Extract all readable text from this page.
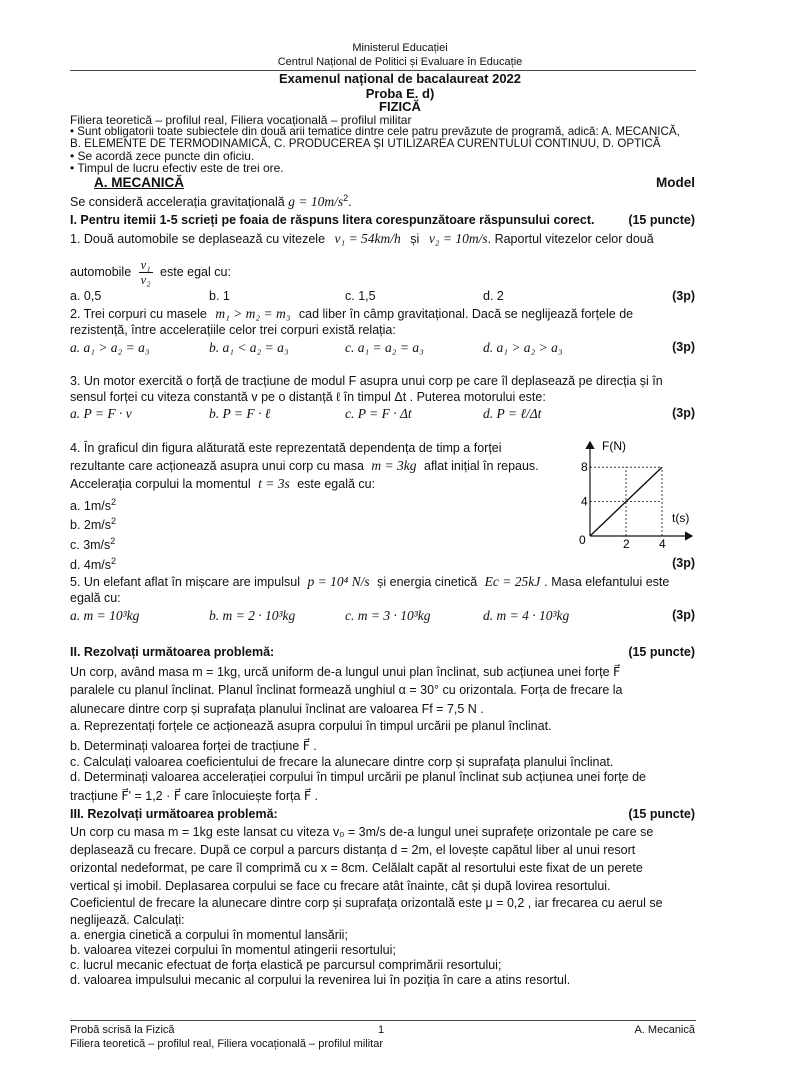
Ministerul Educației
Centrul Național de Politici și Evaluare în Educație
Examenul național de bacalaureat 2022
Proba E. d)
FIZICĂ
Filiera teoretică – profilul real, Filiera vocațională – profilul militar
• Sunt obligatorii toate subiectele din două arii tematice dintre cele patru prevăzute de programă, adică: A. MECANICĂ,
B. ELEMENTE DE TERMODINAMICĂ, C. PRODUCEREA ȘI UTILIZAREA CURENTULUI CONTINUU, D. OPTICĂ
• Se acordă zece puncte din oficiu.
• Timpul de lucru efectiv este de trei ore.
A. MECANICĂ	Model
Se consideră accelerația gravitațională $g = 10m/s^2$.
I. Pentru itemii 1-5 scrieți pe foaia de răspuns litera corespunzătoare răspunsului corect.	(15 puncte)
1. Două automobile se deplasează cu vitezele v₁ = 54km/h și v₂ = 10m/s. Raportul vitezelor celor două
automobile $\frac{\text{v₁}}{\text{v₂}}$ este egal cu:
a. 0,5	b. 1	c. 1,5	d. 2	(3p)
2. Trei corpuri cu masele m₁ > m₂ = m₃ cad liber în câmp gravitațional. Dacă se neglijează forțele de
rezistență, între accelerațiile celor trei corpuri există relația:
a. a₁ > a₂ = a₃	b. a₁ < a₂ = a₃	c. a₁ = a₂ = a₃	d. a₁ > a₂ > a₃	(3p)
3. Un motor exercită o forță de tracțiune de modul F asupra unui corp pe care îl deplasează pe direcția și în
sensul forței cu viteza constantă v pe o distanță ℓ în timpul Δt . Puterea motorului este:
a. P = F · v	b. P = F · ℓ	c. P = F · Δt	d. P = ℓ/Δt	(3p)
4. În graficul din figura alăturată este reprezentată dependența de timp a forței
rezultante care acționează asupra unui corp cu masa m = 3kg aflat inițial în repaus.
Accelerația corpului la momentul t = 3s este egală cu:
a. $1m/s^2$
b. $2m/s^2$
c. $3m/s^2$
d. $4m/s^2$	(3p)
F(N)
t(s)
0
8
4
2 4
5. Un elefant aflat în mișcare are impulsul p = 10⁴ N/s și energia cinetică Ec = 25kJ . Masa elefantului este
egală cu:
a. m = 10³kg	b. m = 2 · 10³kg	c. m = 3 · 10³kg	d. m = 4 · 10³kg	(3p)
II. Rezolvați următoarea problemă:	(15 puncte)
Un corp, având masa m = 1kg, urcă uniform de-a lungul unui plan înclinat, sub acțiunea unei forțe F⃗
paralele cu planul înclinat. Planul înclinat formează unghiul α = 30° cu orizontala. Forța de frecare la
alunecare dintre corp și suprafața planului înclinat are valoarea Ff = 7,5 N .
a. Reprezentați forțele ce acționează asupra corpului în timpul urcării pe planul înclinat.
b. Determinați valoarea forței de tracțiune F⃗ .
c. Calculați valoarea coeficientului de frecare la alunecare dintre corp și suprafața planului înclinat.
d. Determinați valoarea accelerației corpului în timpul urcării pe planul înclinat sub acțiunea unei forțe de
tracțiune F⃗' = 1,2 · F⃗ care înlocuiește forța F⃗ .
III. Rezolvați următoarea problemă:	(15 puncte)
Un corp cu masa m = 1kg este lansat cu viteza v₀ = 3m/s de-a lungul unei suprafețe orizontale pe care se
deplasează cu frecare. După ce corpul a parcurs distanța d = 2m, el lovește capătul liber al unui resort
orizontal nedeformat, pe care îl comprimă cu x = 8cm. Celălalt capăt al resortului este fixat de un perete
vertical și imobil. Deplasarea corpului se face cu frecare atât înainte, cât și după lovirea resortului.
Coeficientul de frecare la alunecare dintre corp și suprafața orizontală este μ = 0,2 , iar frecarea cu aerul se
neglijează. Calculați:
a. energia cinetică a corpului în momentul lansării;
b. valoarea vitezei corpului în momentul atingerii resortului;
c. lucrul mecanic efectuat de forța elastică pe parcursul comprimării resortului;
d. valoarea impulsului mecanic al corpului la revenirea lui în poziția în care a atins resortul.
Probă scrisă la Fizică	1	A. Mecanică
Filiera teoretică – profilul real, Filiera vocațională – profilul militar
